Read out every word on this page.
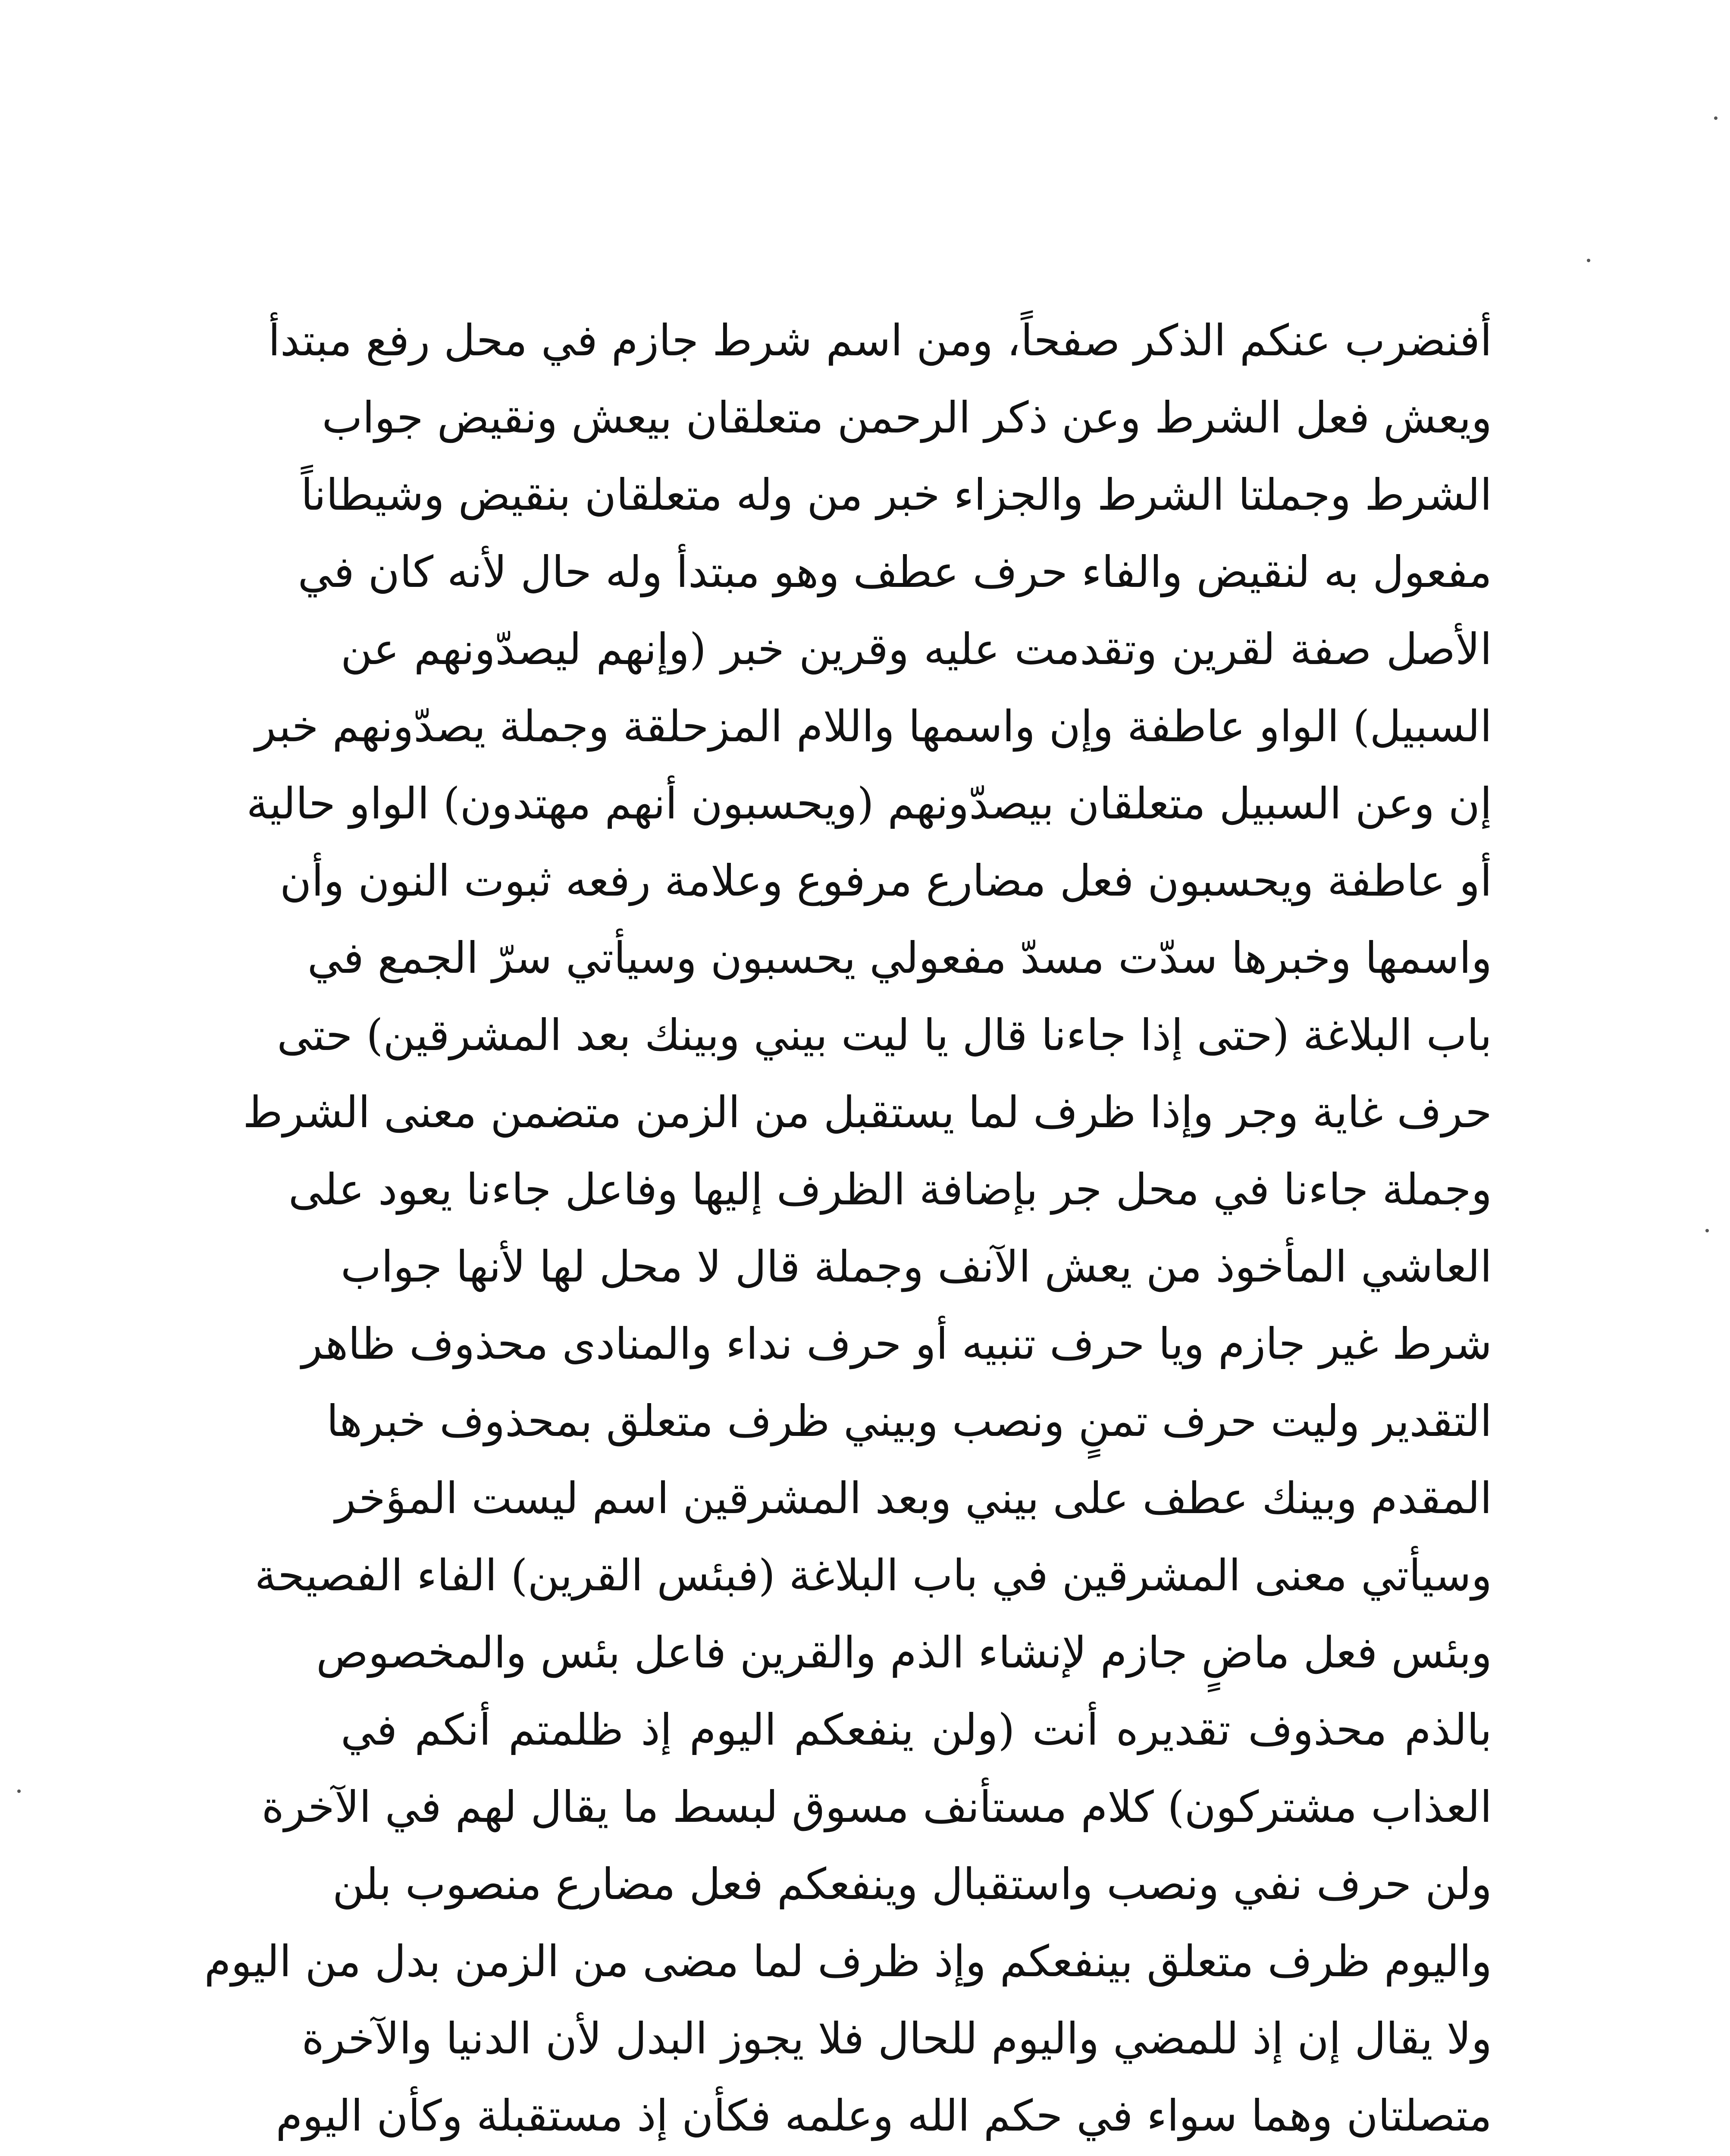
أفنضرب عنكم الذكر صفحاً، ومن اسم شرط جازم في محل رفع مبتدأ
ويعش فعل الشرط وعن ذكر الرحمن متعلقان بيعش ونقيض جواب
الشرط وجملتا الشرط والجزاء خبر من وله متعلقان بنقيض وشيطاناً
مفعول به لنقيض والفاء حرف عطف وهو مبتدأ وله حال لأنه كان في
الأصل صفة لقرين وتقدمت عليه وقرين خبر (وإنهم ليصدّونهم عن
السبيل) الواو عاطفة وإن واسمها واللام المزحلقة وجملة يصدّونهم خبر
إن وعن السبيل متعلقان بيصدّونهم (ويحسبون أنهم مهتدون) الواو حالية
أو عاطفة ويحسبون فعل مضارع مرفوع وعلامة رفعه ثبوت النون وأن
واسمها وخبرها سدّت مسدّ مفعولي يحسبون وسيأتي سرّ الجمع في
باب البلاغة (حتى إذا جاءنا قال يا ليت بيني وبينك بعد المشرقين) حتى
حرف غاية وجر وإذا ظرف لما يستقبل من الزمن متضمن معنى الشرط
وجملة جاءنا في محل جر بإضافة الظرف إليها وفاعل جاءنا يعود على
العاشي المأخوذ من يعش الآنف وجملة قال لا محل لها لأنها جواب
شرط غير جازم ويا حرف تنبيه أو حرف نداء والمنادى محذوف ظاهر
التقدير وليت حرف تمنٍ ونصب وبيني ظرف متعلق بمحذوف خبرها
المقدم وبينك عطف على بيني وبعد المشرقين اسم ليست المؤخر
وسيأتي معنى المشرقين في باب البلاغة (فبئس القرين) الفاء الفصيحة
وبئس فعل ماضٍ جازم لإنشاء الذم والقرين فاعل بئس والمخصوص
بالذم محذوف تقديره أنت (ولن ينفعكم اليوم إذ ظلمتم أنكم في
العذاب مشتركون) كلام مستأنف مسوق لبسط ما يقال لهم في الآخرة
ولن حرف نفي ونصب واستقبال وينفعكم فعل مضارع منصوب بلن
واليوم ظرف متعلق بينفعكم وإذ ظرف لما مضى من الزمن بدل من اليوم
ولا يقال إن إذ للمضي واليوم للحال فلا يجوز البدل لأن الدنيا والآخرة
متصلتان وهما سواء في حكم الله وعلمه فكأن إذ مستقبلة وكأن اليوم
